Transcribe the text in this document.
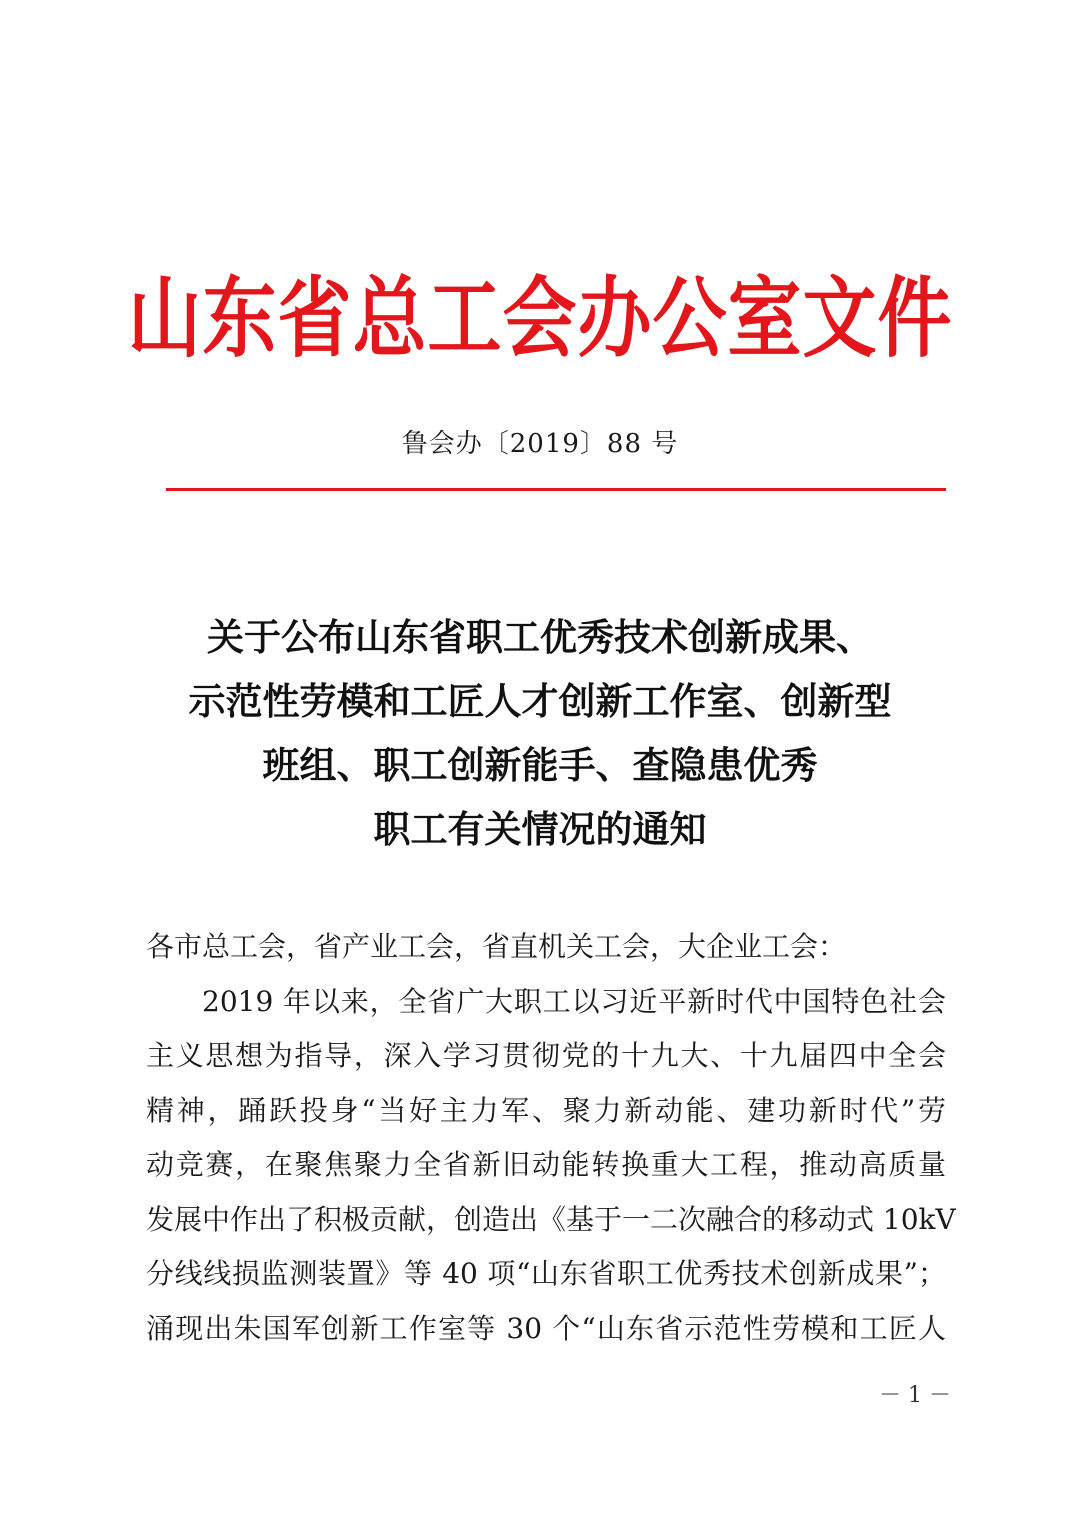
山东省总工会办公室文件
鲁会办〔2019〕88 号
关于公布山东省职工优秀技术创新成果、
示范性劳模和工匠人才创新工作室、创新型
班组、职工创新能手、查隐患优秀
职工有关情况的通知
各市总工会，省产业工会，省直机关工会，大企业工会：
2019 年以来，全省广大职工以习近平新时代中国特色社会
主义思想为指导，深入学习贯彻党的十九大、十九届四中全会
精神，踊跃投身“当好主力军、聚力新动能、建功新时代”劳
动竞赛，在聚焦聚力全省新旧动能转换重大工程，推动高质量
发展中作出了积极贡献，创造出《基于一二次融合的移动式 10kV
分线线损监测装置》等 40 项“山东省职工优秀技术创新成果”；
涌现出朱国军创新工作室等 30 个“山东省示范性劳模和工匠人
－ 1 －
